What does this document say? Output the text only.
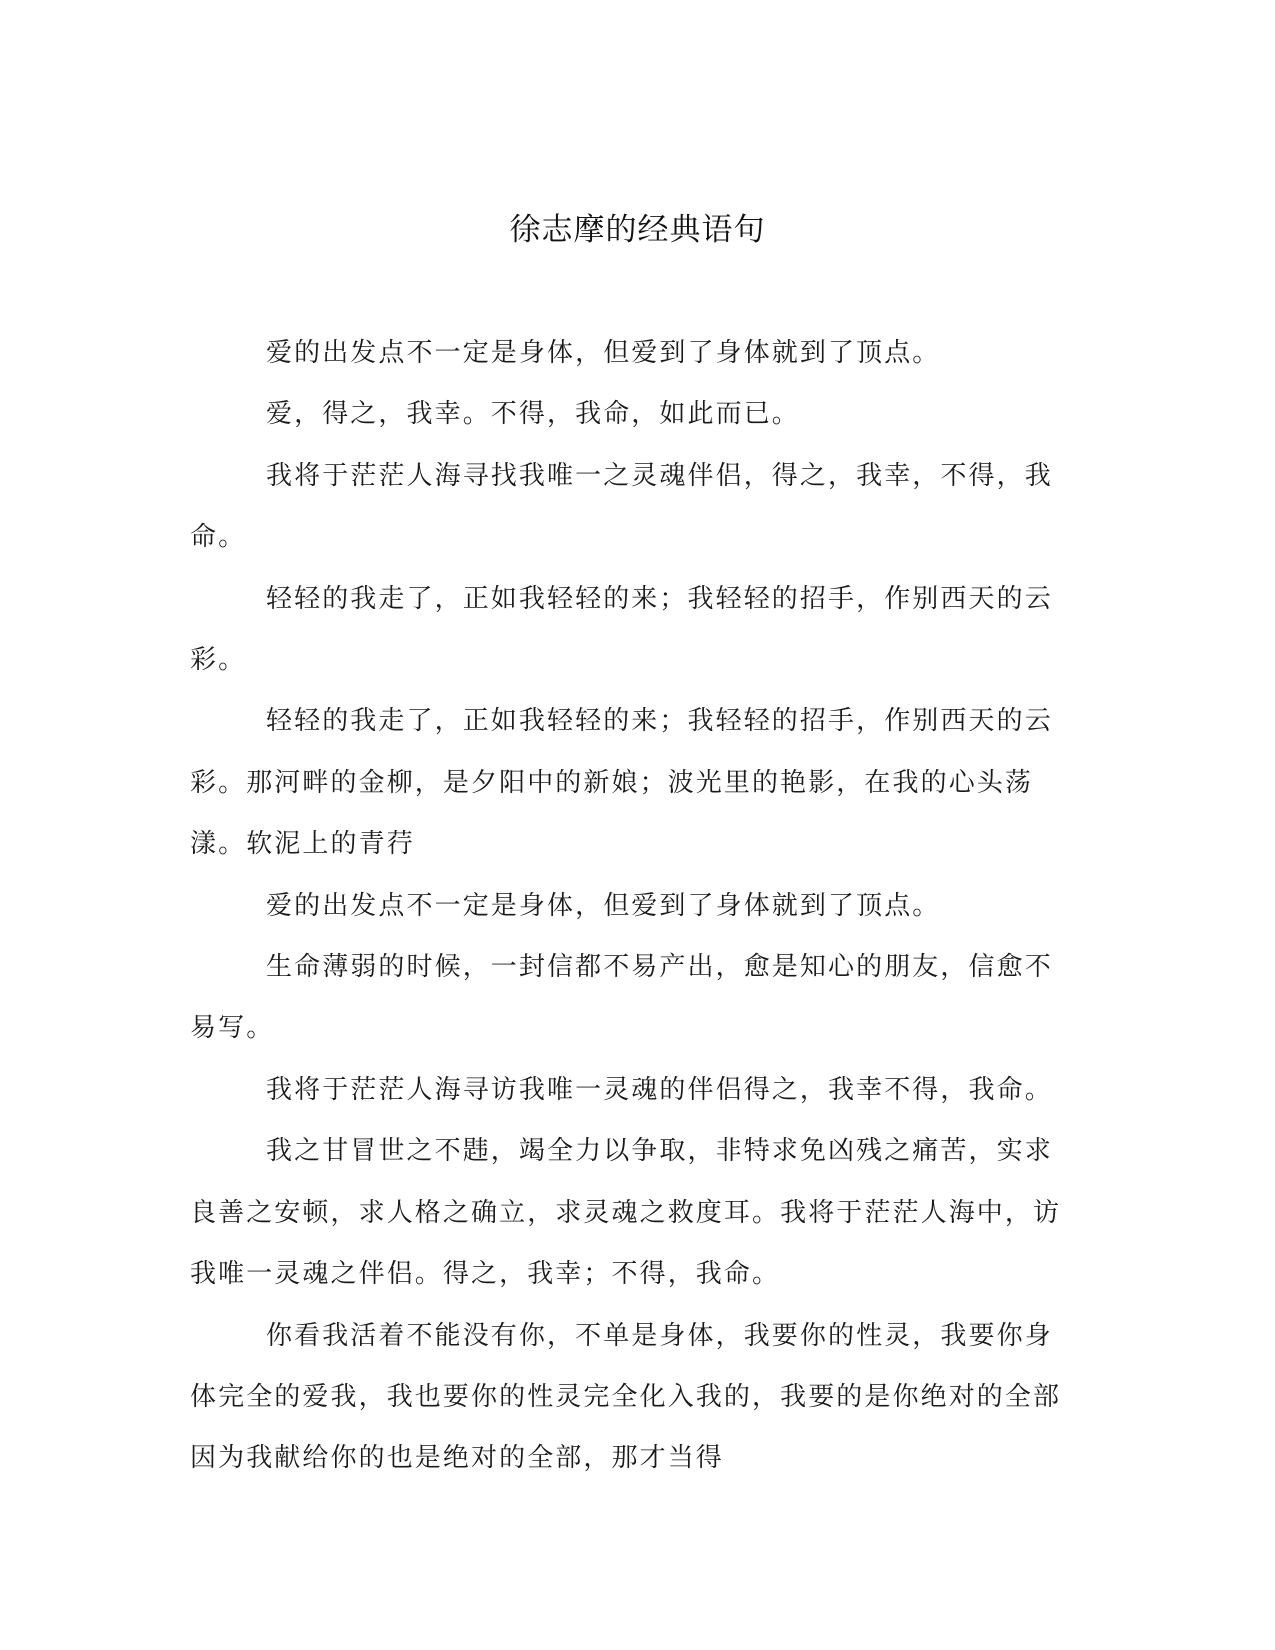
徐志摩的经典语句

爱的出发点不一定是身体，但爱到了身体就到了顶点。

爱，得之，我幸。不得，我命，如此而已。

我将于茫茫人海寻找我唯一之灵魂伴侣，得之，我幸，不得，我命。

轻轻的我走了，正如我轻轻的来；我轻轻的招手，作别西天的云彩。

轻轻的我走了，正如我轻轻的来；我轻轻的招手，作别西天的云彩。那河畔的金柳，是夕阳中的新娘；波光里的艳影，在我的心头荡漾。软泥上的青荇

爱的出发点不一定是身体，但爱到了身体就到了顶点。

生命薄弱的时候，一封信都不易产出，愈是知心的朋友，信愈不易写。

我将于茫茫人海寻访我唯一灵魂的伴侣得之，我幸不得，我命。

我之甘冒世之不韪，竭全力以争取，非特求免凶残之痛苦，实求良善之安顿，求人格之确立，求灵魂之救度耳。我将于茫茫人海中，访我唯一灵魂之伴侣。得之，我幸；不得，我命。

你看我活着不能没有你，不单是身体，我要你的性灵，我要你身体完全的爱我，我也要你的性灵完全化入我的，我要的是你绝对的全部因为我献给你的也是绝对的全部，那才当得
